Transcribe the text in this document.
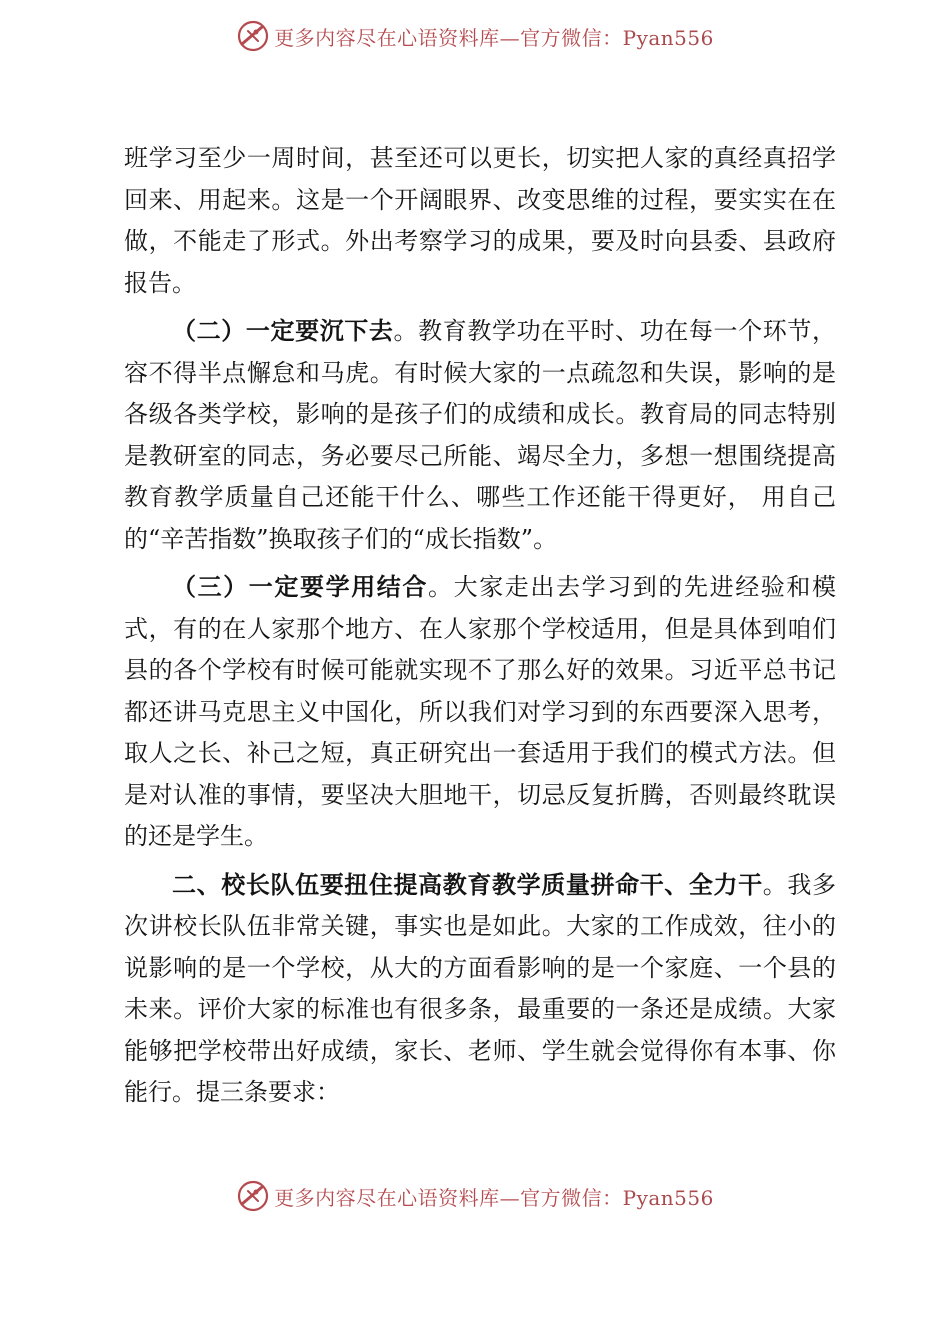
更多内容尽在心语资料库—官方微信：Pyan556

班学习至少一周时间，甚至还可以更长，切实把人家的真经真招学回来、用起来。这是一个开阔眼界、改变思维的过程，要实实在在做，不能走了形式。外出考察学习的成果，要及时向县委、县政府报告。

（二）一定要沉下去。教育教学功在平时、功在每一个环节，容不得半点懈怠和马虎。有时候大家的一点疏忽和失误，影响的是各级各类学校，影响的是孩子们的成绩和成长。教育局的同志特别是教研室的同志，务必要尽己所能、竭尽全力，多想一想围绕提高教育教学质量自己还能干什么、哪些工作还能干得更好， 用自己的“辛苦指数”换取孩子们的“成长指数”。

（三）一定要学用结合。大家走出去学习到的先进经验和模式，有的在人家那个地方、在人家那个学校适用，但是具体到咱们县的各个学校有时候可能就实现不了那么好的效果。习近平总书记都还讲马克思主义中国化，所以我们对学习到的东西要深入思考，取人之长、补己之短，真正研究出一套适用于我们的模式方法。但是对认准的事情，要坚决大胆地干，切忌反复折腾，否则最终耽误的还是学生。

二、校长队伍要扭住提高教育教学质量拼命干、全力干。我多次讲校长队伍非常关键，事实也是如此。大家的工作成效，往小的说影响的是一个学校，从大的方面看影响的是一个家庭、一个县的未来。评价大家的标准也有很多条，最重要的一条还是成绩。大家能够把学校带出好成绩，家长、老师、学生就会觉得你有本事、你能行。提三条要求：

更多内容尽在心语资料库—官方微信：Pyan556
